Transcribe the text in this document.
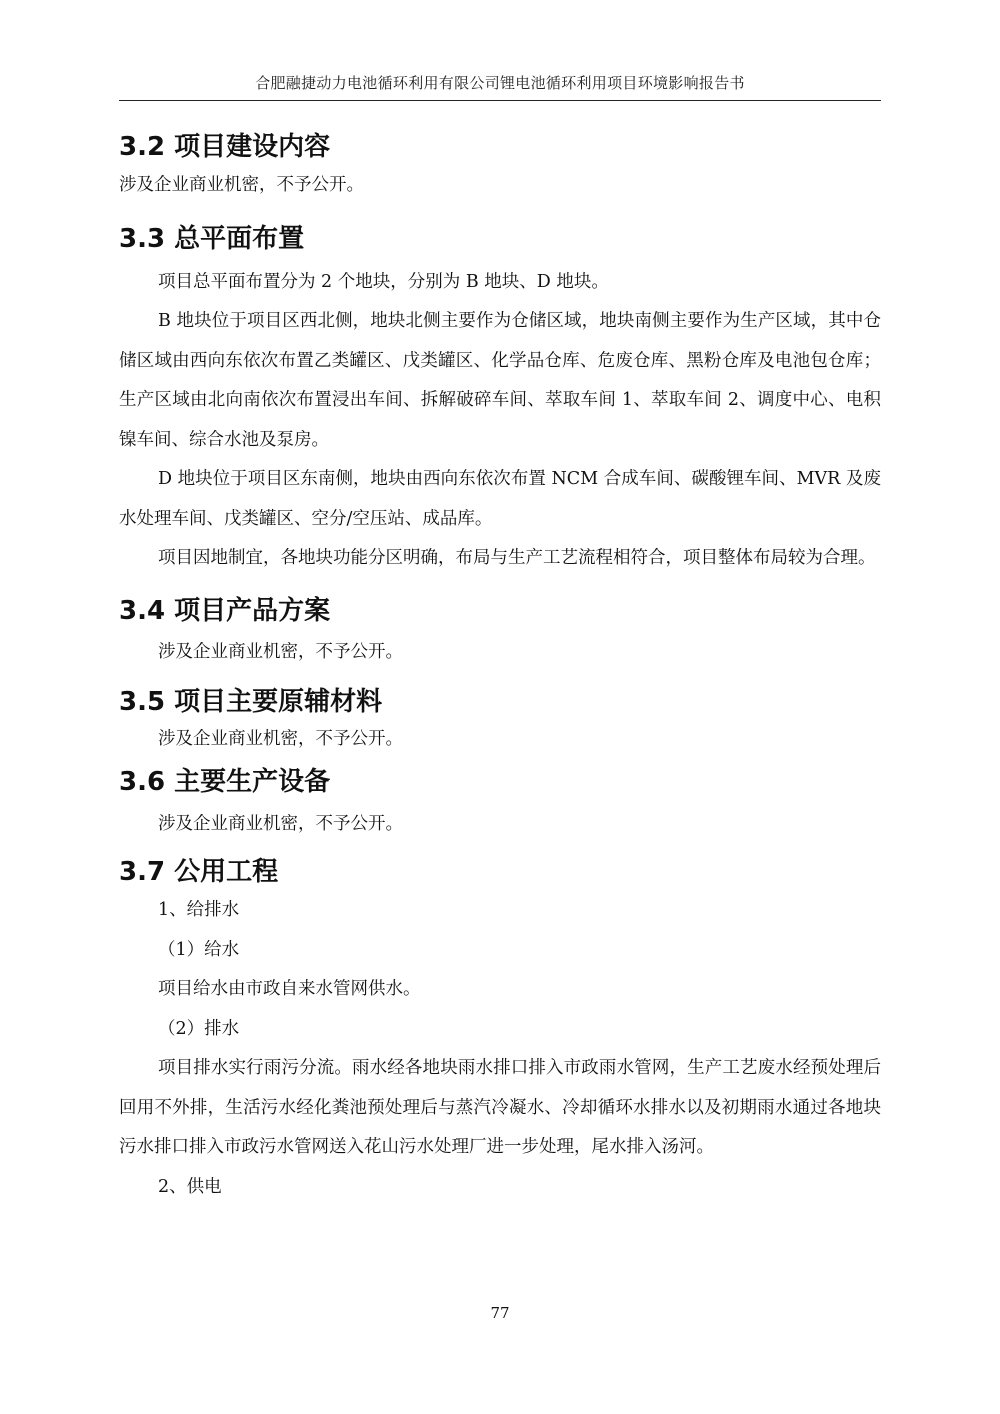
合肥融捷动力电池循环利用有限公司锂电池循环利用项目环境影响报告书
3.2 项目建设内容

涉及企业商业机密，不予公开。

3.3 总平面布置

项目总平面布置分为 2 个地块，分别为 B 地块、D 地块。

B 地块位于项目区西北侧，地块北侧主要作为仓储区域，地块南侧主要作为生产区域，其中仓储区域由西向东依次布置乙类罐区、戊类罐区、化学品仓库、危废仓库、黑粉仓库及电池包仓库；生产区域由北向南依次布置浸出车间、拆解破碎车间、萃取车间 1、萃取车间 2、调度中心、电积镍车间、综合水池及泵房。

D 地块位于项目区东南侧，地块由西向东依次布置 NCM 合成车间、碳酸锂车间、MVR 及废水处理车间、戊类罐区、空分/空压站、成品库。

项目因地制宜，各地块功能分区明确，布局与生产工艺流程相符合，项目整体布局较为合理。

3.4 项目产品方案

涉及企业商业机密，不予公开。

3.5 项目主要原辅材料

涉及企业商业机密，不予公开。

3.6 主要生产设备

涉及企业商业机密，不予公开。

3.7 公用工程

1、给排水

（1）给水

项目给水由市政自来水管网供水。

（2）排水

项目排水实行雨污分流。雨水经各地块雨水排口排入市政雨水管网，生产工艺废水经预处理后回用不外排，生活污水经化粪池预处理后与蒸汽冷凝水、冷却循环水排水以及初期雨水通过各地块污水排口排入市政污水管网送入花山污水处理厂进一步处理，尾水排入汤河。

2、供电

77
